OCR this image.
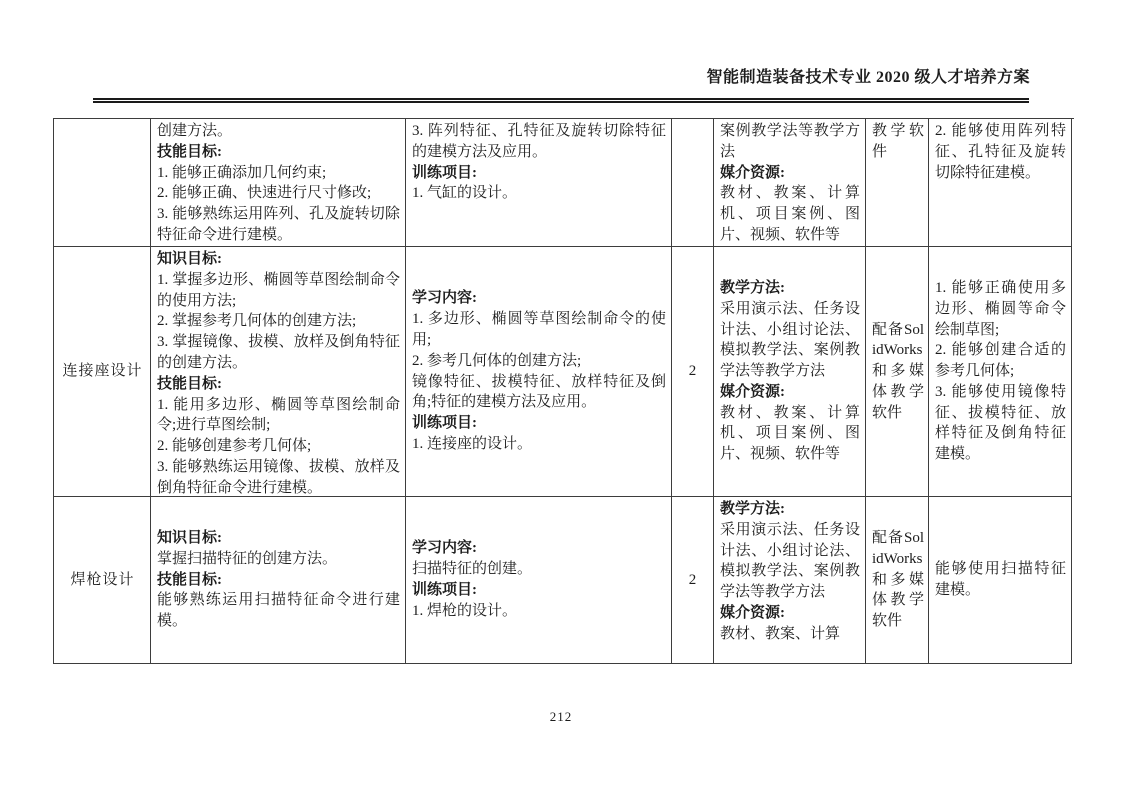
智能制造装备技术专业 2020 级人才培养方案
创建方法。
技能目标:
1. 能够正确添加几何约束;
2. 能够正确、快速进行尺寸修改;
3. 能够熟练运用阵列、孔及旋转切除特征命令进行建模。
3. 阵列特征、孔特征及旋转切除特征的建模方法及应用。
训练项目:
1. 气缸的设计。
案例教学法等教学方法
媒介资源:
教材、教案、计算机、项目案例、图片、视频、软件等
教学软件
2. 能够使用阵列特征、孔特征及旋转切除特征建模。
连接座设计
知识目标:
1. 掌握多边形、椭圆等草图绘制命令的使用方法;
2. 掌握参考几何体的创建方法;
3. 掌握镜像、拔模、放样及倒角特征的创建方法。
技能目标:
1. 能用多边形、椭圆等草图绘制命令;进行草图绘制;
2. 能够创建参考几何体;
3. 能够熟练运用镜像、拔模、放样及倒角特征命令进行建模。
学习内容:
1. 多边形、椭圆等草图绘制命令的使用;
2. 参考几何体的创建方法;
镜像特征、拔模特征、放样特征及倒角;特征的建模方法及应用。
训练项目:
1. 连接座的设计。
2
教学方法:
采用演示法、任务设计法、小组讨论法、模拟教学法、案例教学法等教学方法
媒介资源:
教材、教案、计算机、项目案例、图片、视频、软件等
配备SolidWorks和多媒体教学软件
1. 能够正确使用多边形、椭圆等命令绘制草图;
2. 能够创建合适的参考几何体;
3. 能够使用镜像特征、拔模特征、放样特征及倒角特征建模。
焊枪设计
知识目标:
掌握扫描特征的创建方法。
技能目标:
能够熟练运用扫描特征命令进行建模。
学习内容:
扫描特征的创建。
训练项目:
1. 焊枪的设计。
2
教学方法:
采用演示法、任务设计法、小组讨论法、模拟教学法、案例教学法等教学方法
媒介资源:
教材、教案、计算
配备SolidWorks和多媒体教学软件
能够使用扫描特征建模。
212
